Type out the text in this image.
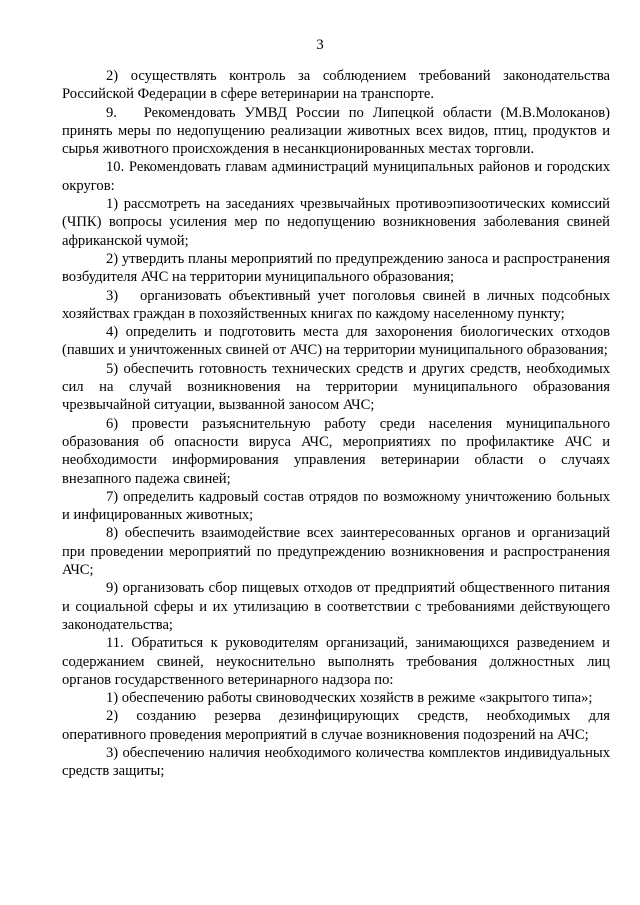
3

2) осуществлять контроль за соблюдением требований законодательства Российской Федерации в сфере ветеринарии на транспорте.

9.   Рекомендовать УМВД России по Липецкой области (М.В.Молоканов) принять меры по недопущению реализации животных всех видов, птиц, продуктов и сырья животного происхождения в несанкционированных местах торговли.

10. Рекомендовать главам администраций муниципальных районов и городских округов:

1) рассмотреть на заседаниях чрезвычайных противоэпизоотических комиссий (ЧПК) вопросы усиления мер по недопущению возникновения заболевания свиней африканской чумой;

2) утвердить планы мероприятий по предупреждению заноса и распространения возбудителя АЧС на территории муниципального образования;

3)   организовать объективный учет поголовья свиней в личных подсобных хозяйствах граждан в похозяйственных книгах по каждому населенному пункту;

4) определить и подготовить места для захоронения биологических отходов (павших и уничтоженных свиней от АЧС) на территории муниципального образования;

5) обеспечить готовность технических средств и других средств, необходимых сил на случай возникновения на территории муниципального образования чрезвычайной ситуации, вызванной заносом АЧС;

6) провести разъяснительную работу среди населения муниципального образования об опасности вируса АЧС, мероприятиях по профилактике АЧС и необходимости информирования управления ветеринарии области о случаях внезапного падежа свиней;

7) определить кадровый состав отрядов по возможному уничтожению больных и инфицированных животных;

8) обеспечить взаимодействие всех заинтересованных органов и организаций при проведении мероприятий по предупреждению возникновения и распространения АЧС;

9) организовать сбор пищевых отходов от предприятий общественного питания и социальной сферы и их утилизацию в соответствии с требованиями действующего законодательства;

11. Обратиться к руководителям организаций, занимающихся разведением и содержанием свиней, неукоснительно выполнять требования должностных лиц органов государственного ветеринарного надзора по:

1) обеспечению работы свиноводческих хозяйств в режиме «закрытого типа»;

2) созданию резерва дезинфицирующих средств, необходимых для оперативного проведения мероприятий в случае возникновения подозрений на АЧС;

3) обеспечению наличия необходимого количества комплектов индивидуальных средств защиты;
